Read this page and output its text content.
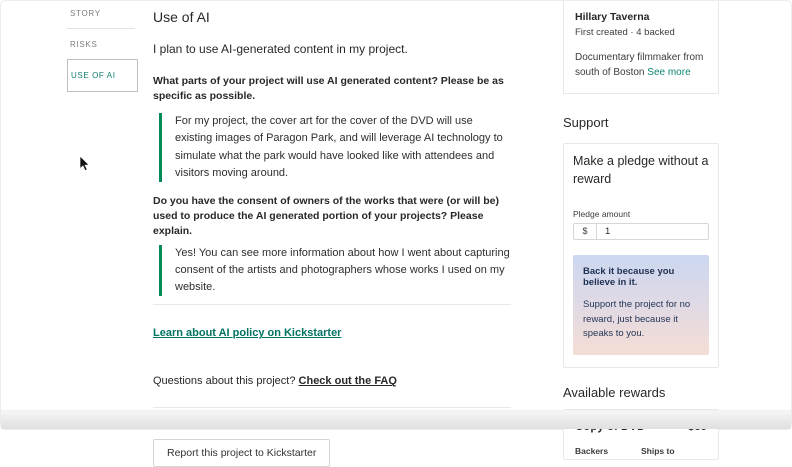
STORY
RISKS
USE OF AI
Use of AI

I plan to use AI-generated content in my project.

What parts of your project will use AI generated content? Please be as specific as possible.

For my project, the cover art for the cover of the DVD will use existing images of Paragon Park, and will leverage AI technology to simulate what the park would have looked like with attendees and visitors moving around.

Do you have the consent of owners of the works that were (or will be) used to produce the AI generated portion of your projects? Please explain.

Yes! You can see more information about how I went about capturing consent of the artists and photographers whose works I used on my website.
Learn about AI policy on Kickstarter

Questions about this project? Check out the FAQ

Report this project to Kickstarter
Hillary Taverna
First created · 4 backed
Documentary filmmaker from south of Boston See more
Support
Make a pledge without a reward
Pledge amount
$	1
Back it because you believe in it.
Support the project for no reward, just because it speaks to you.
Available rewards
Backers	Ships to
